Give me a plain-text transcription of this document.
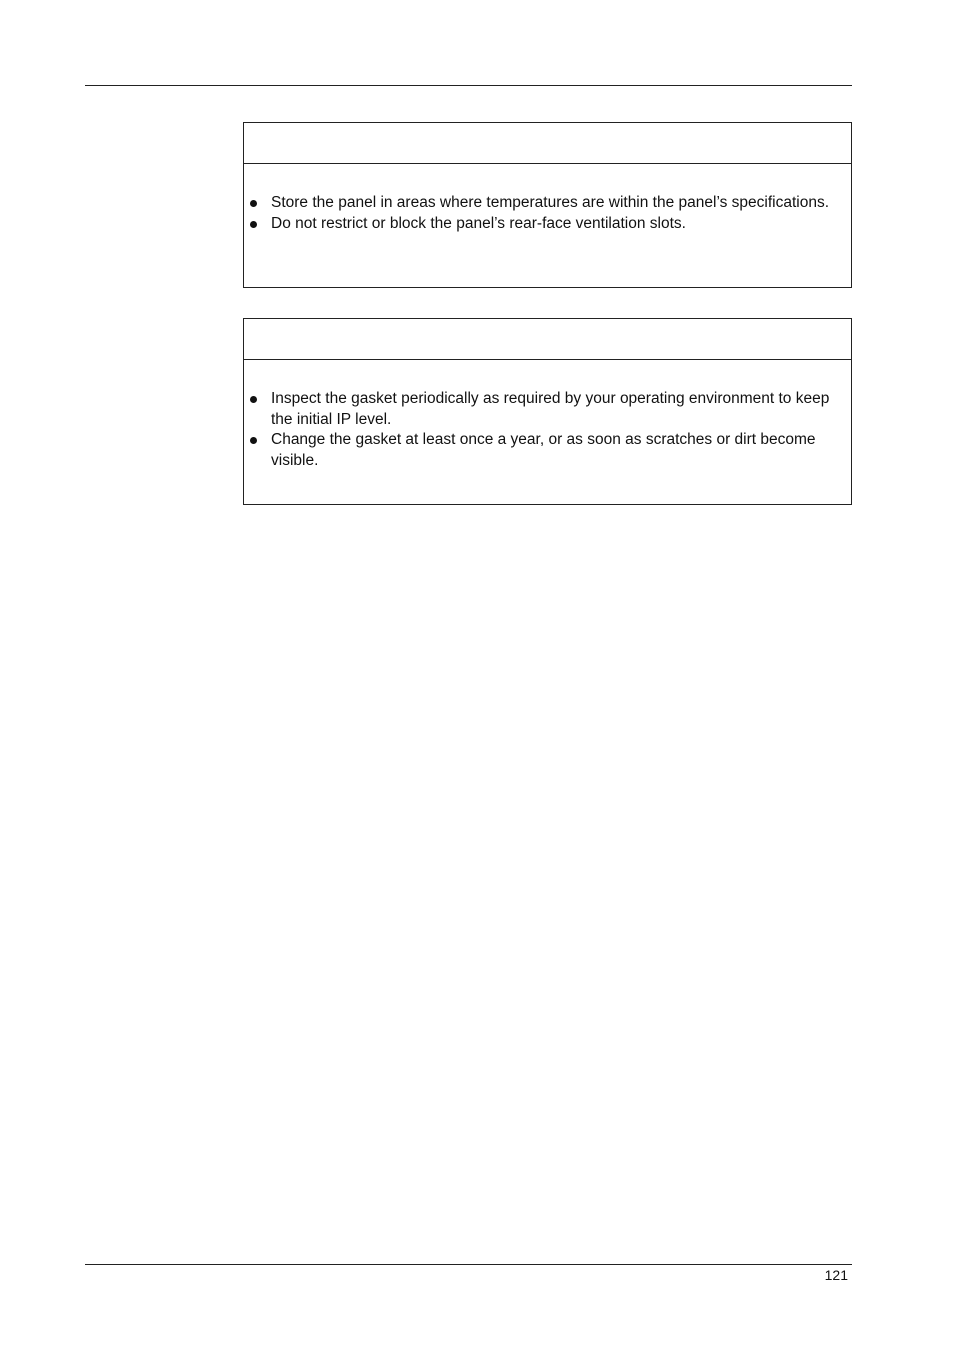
Store the panel in areas where temperatures are within the panel’s specifications.
Do not restrict or block the panel’s rear-face ventilation slots.
Inspect the gasket periodically as required by your operating environment to keep the initial IP level.
Change the gasket at least once a year, or as soon as scratches or dirt become visible.
121
